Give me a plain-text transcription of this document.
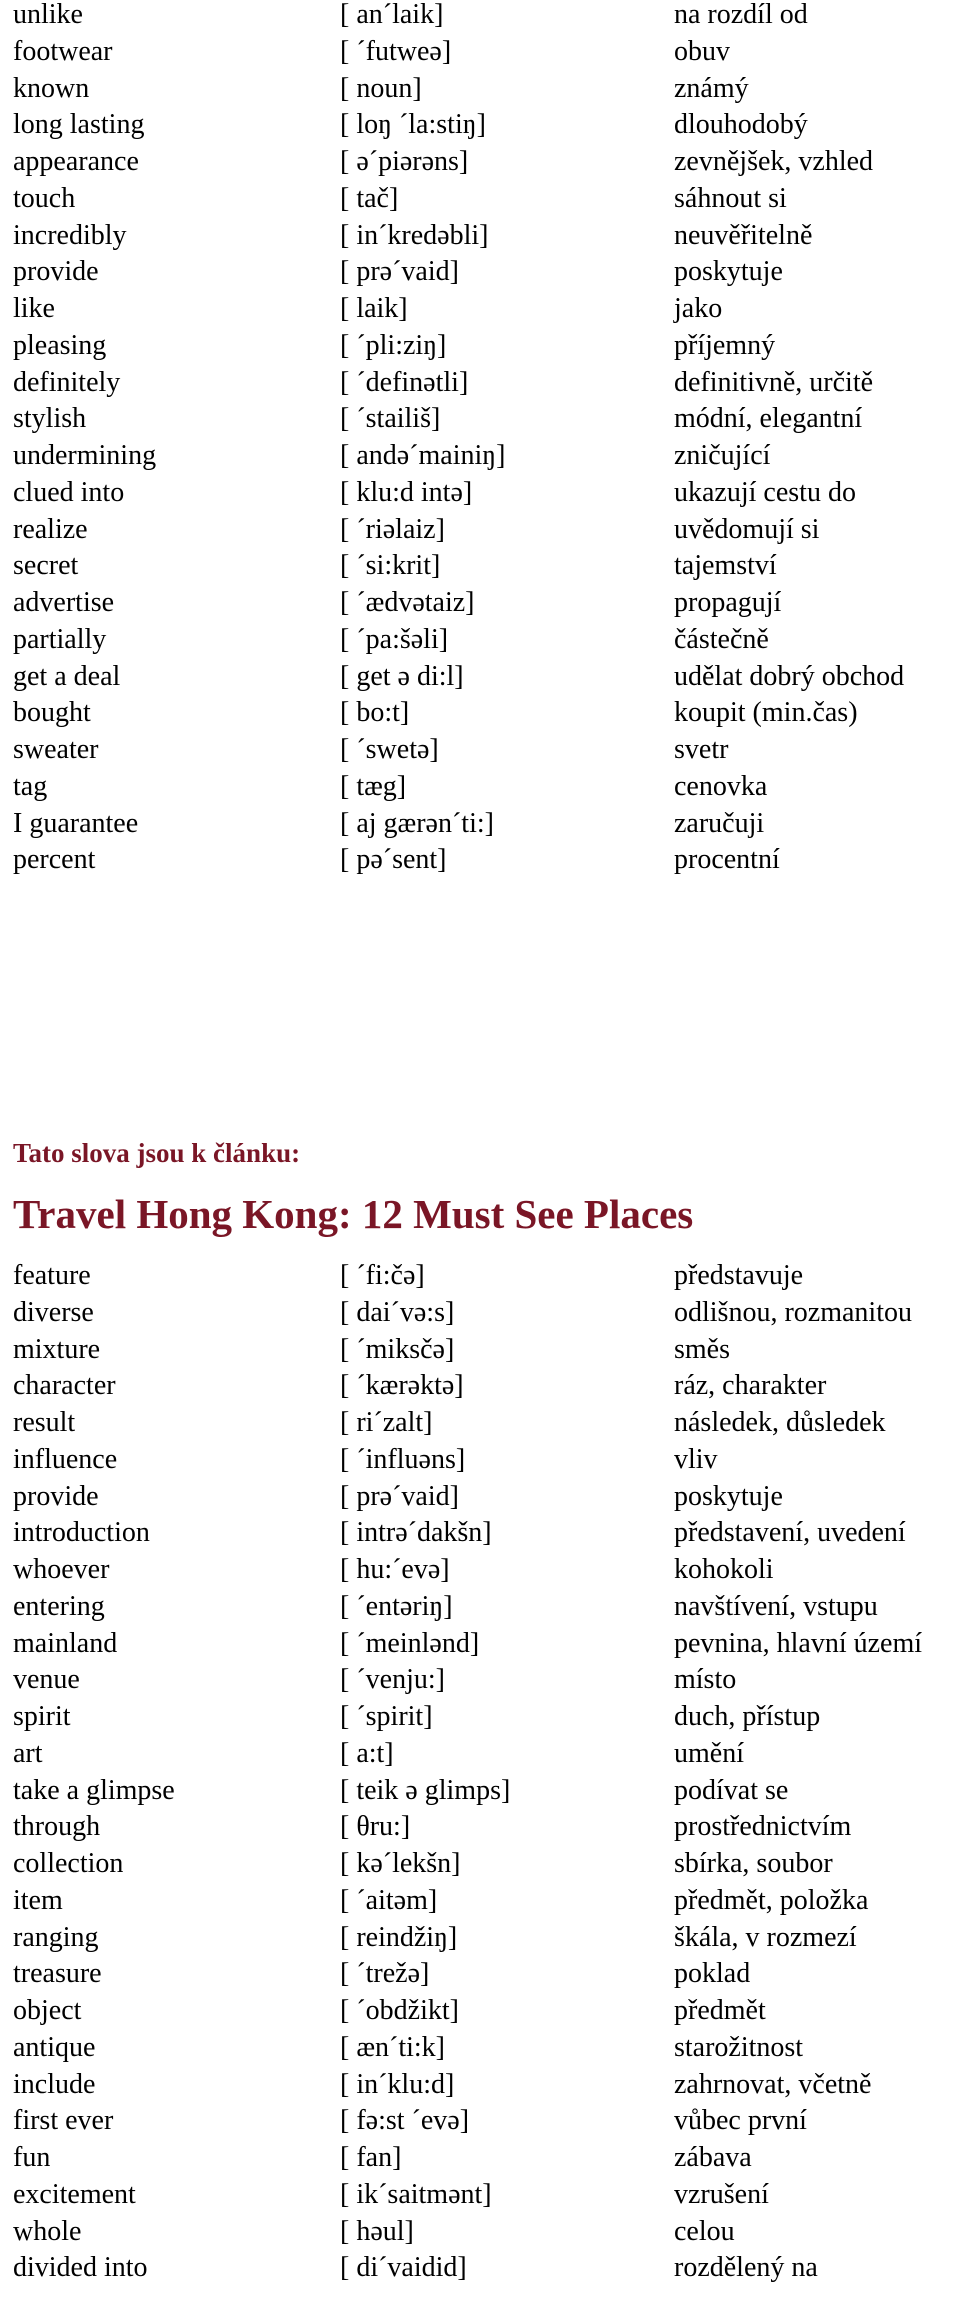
unlike	[ an´laik]	na rozdíl od
footwear	[ ´futweə]	obuv
known	[ noun]	známý
long lasting	[ loŋ ´la:stiŋ]	dlouhodobý
appearance	[ ə´piərəns]	zevnějšek, vzhled
touch	[ tač]	sáhnout si
incredibly	[ in´kredəbli]	neuvěřitelně
provide	[ prə´vaid]	poskytuje
like	[ laik]	jako
pleasing	[ ´pli:ziŋ]	příjemný
definitely	[ ´definətli]	definitivně, určitě
stylish	[ ´stailiš]	módní, elegantní
undermining	[ andə´mainiŋ]	zničující
clued into	[ klu:d intə]	ukazují cestu do
realize	[ ´riəlaiz]	uvědomují si
secret	[ ´si:krit]	tajemství
advertise	[ ´ædvətaiz]	propagují
partially	[ ´pa:šəli]	částečně
get a deal	[ get ə di:l]	udělat dobrý obchod
bought	[ bo:t]	koupit (min.čas)
sweater	[ ´swetə]	svetr
tag	[ tæg]	cenovka
I guarantee	[ aj gærən´ti:]	zaručuji
percent	[ pə´sent]	procentní
Tato slova jsou k článku:
Travel Hong Kong: 12 Must See Places
feature	[ ´fi:čə]	představuje
diverse	[ dai´və:s]	odlišnou, rozmanitou
mixture	[ ´miksčə]	směs
character	[ ´kærəktə]	ráz, charakter
result	[ ri´zalt]	následek, důsledek
influence	[ ´influəns]	vliv
provide	[ prə´vaid]	poskytuje
introduction	[ intrə´dakšn]	představení, uvedení
whoever	[ hu:´evə]	kohokoli
entering	[ ´entəriŋ]	navštívení, vstupu
mainland	[ ´meinlənd]	pevnina, hlavní území
venue	[ ´venju:]	místo
spirit	[ ´spirit]	duch, přístup
art	[ a:t]	umění
take a glimpse	[ teik ə glimps]	podívat se
through	[ θru:]	prostřednictvím
collection	[ kə´lekšn]	sbírka, soubor
item	[ ´aitəm]	předmět, položka
ranging	[ reindžiŋ]	škála, v rozmezí
treasure	[ ´trežə]	poklad
object	[ ´obdžikt]	předmět
antique	[ æn´ti:k]	starožitnost
include	[ in´klu:d]	zahrnovat, včetně
first ever	[ fə:st ´evə]	vůbec první
fun	[ fan]	zábava
excitement	[ ik´saitmənt]	vzrušení
whole	[ həul]	celou
divided into	[ di´vaidid]	rozdělený na
